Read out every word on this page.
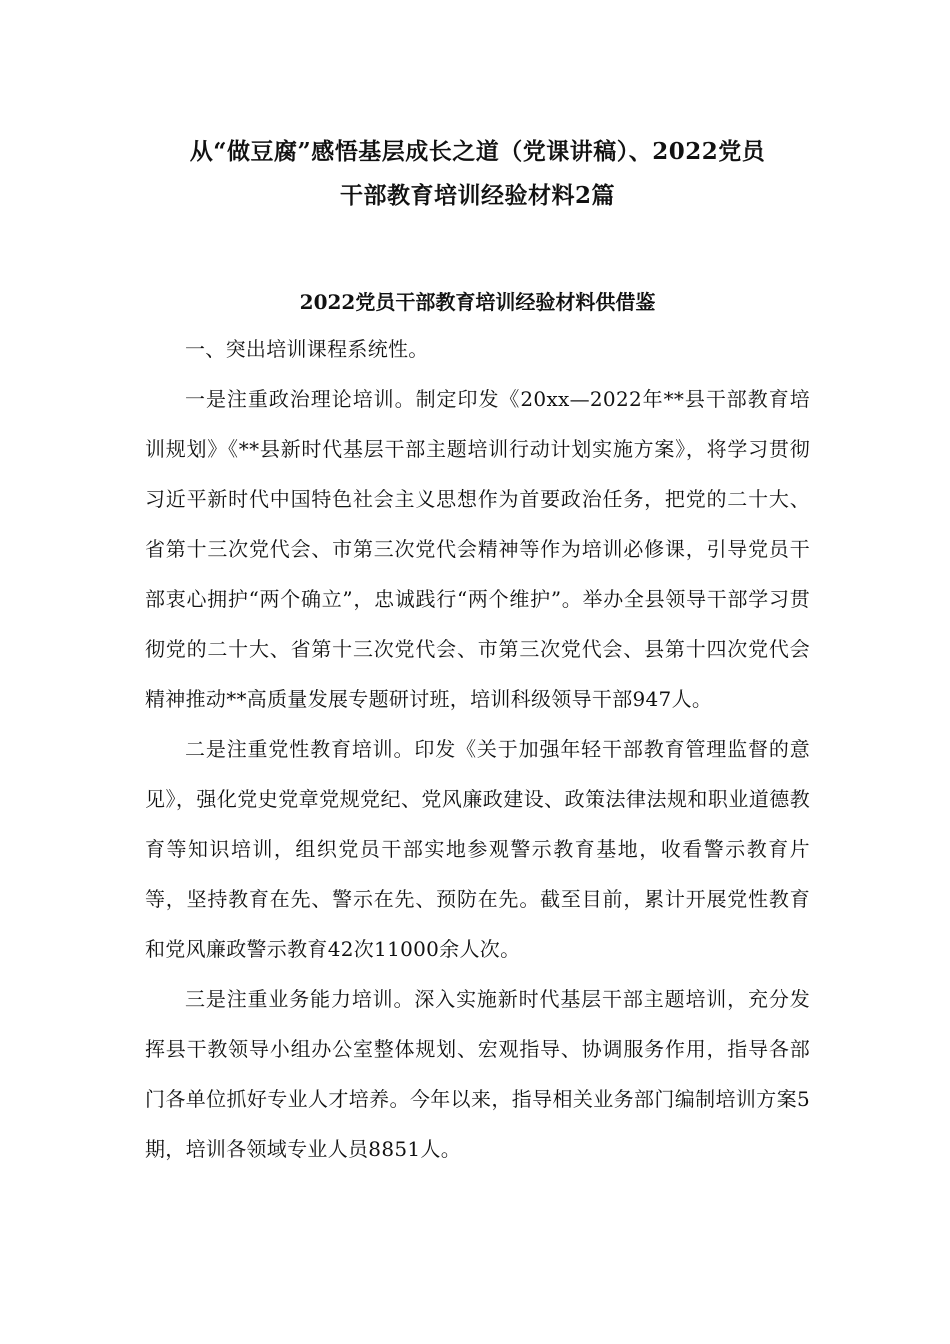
从“做豆腐”感悟基层成长之道（党课讲稿）、2022党员
干部教育培训经验材料2篇
2022党员干部教育培训经验材料供借鉴

一、突出培训课程系统性。

一是注重政治理论培训。制定印发《20xx—2022年**县干部教育培训规划》《**县新时代基层干部主题培训行动计划实施方案》，将学习贯彻习近平新时代中国特色社会主义思想作为首要政治任务，把党的二十大、省第十三次党代会、市第三次党代会精神等作为培训必修课，引导党员干部衷心拥护“两个确立”，忠诚践行“两个维护”。举办全县领导干部学习贯彻党的二十大、省第十三次党代会、市第三次党代会、县第十四次党代会精神推动**高质量发展专题研讨班，培训科级领导干部947人。

二是注重党性教育培训。印发《关于加强年轻干部教育管理监督的意见》，强化党史党章党规党纪、党风廉政建设、政策法律法规和职业道德教育等知识培训，组织党员干部实地参观警示教育基地，收看警示教育片等，坚持教育在先、警示在先、预防在先。截至目前，累计开展党性教育和党风廉政警示教育42次11000余人次。

三是注重业务能力培训。深入实施新时代基层干部主题培训，充分发挥县干教领导小组办公室整体规划、宏观指导、协调服务作用，指导各部门各单位抓好专业人才培养。今年以来，指导相关业务部门编制培训方案5期，培训各领域专业人员8851人。
